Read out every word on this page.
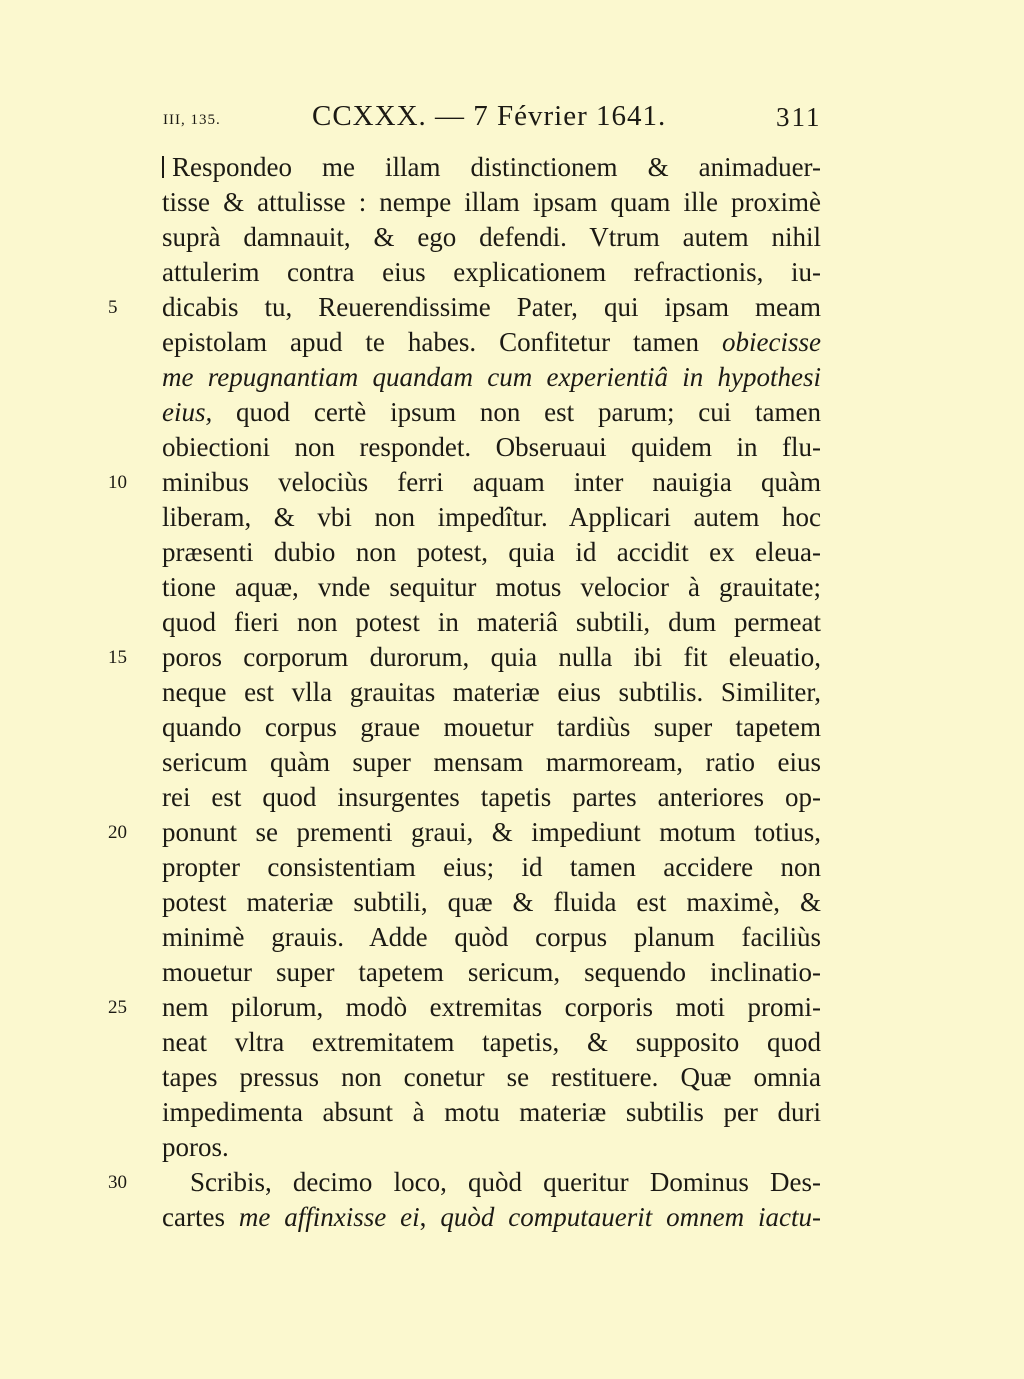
III, 135.	CCXXX. — 7 Février 1641.	311
Respondeo me illam distinctionem & animaduer-
tisse & attulisse : nempe illam ipsam quam ille proximè
suprà damnauit, & ego defendi. Vtrum autem nihil
attulerim contra eius explicationem refractionis, iu-
5	dicabis tu, Reuerendissime Pater, qui ipsam meam
epistolam apud te habes. Confitetur tamen obiecisse
me repugnantiam quandam cum experientiâ in hypothesi
eius, quod certè ipsum non est parum; cui tamen
obiectioni non respondet. Obseruaui quidem in flu-
10	minibus velociùs ferri aquam inter nauigia quàm
liberam, & vbi non impedîtur. Applicari autem hoc
præsenti dubio non potest, quia id accidit ex eleua-
tione aquæ, vnde sequitur motus velocior à grauitate;
quod fieri non potest in materiâ subtili, dum permeat
15	poros corporum durorum, quia nulla ibi fit eleuatio,
neque est vlla grauitas materiæ eius subtilis. Similiter,
quando corpus graue mouetur tardiùs super tapetem
sericum quàm super mensam marmoream, ratio eius
rei est quod insurgentes tapetis partes anteriores op-
20	ponunt se prementi graui, & impediunt motum totius,
propter consistentiam eius; id tamen accidere non
potest materiæ subtili, quæ & fluida est maximè, &
minimè grauis. Adde quòd corpus planum faciliùs
mouetur super tapetem sericum, sequendo inclinatio-
25	nem pilorum, modò extremitas corporis moti promi-
neat vltra extremitatem tapetis, & supposito quod
tapes pressus non conetur se restituere. Quæ omnia
impedimenta absunt à motu materiæ subtilis per duri
poros.
30	Scribis, decimo loco, quòd queritur Dominus Des-
cartes me affinxisse ei, quòd computauerit omnem iactu-
